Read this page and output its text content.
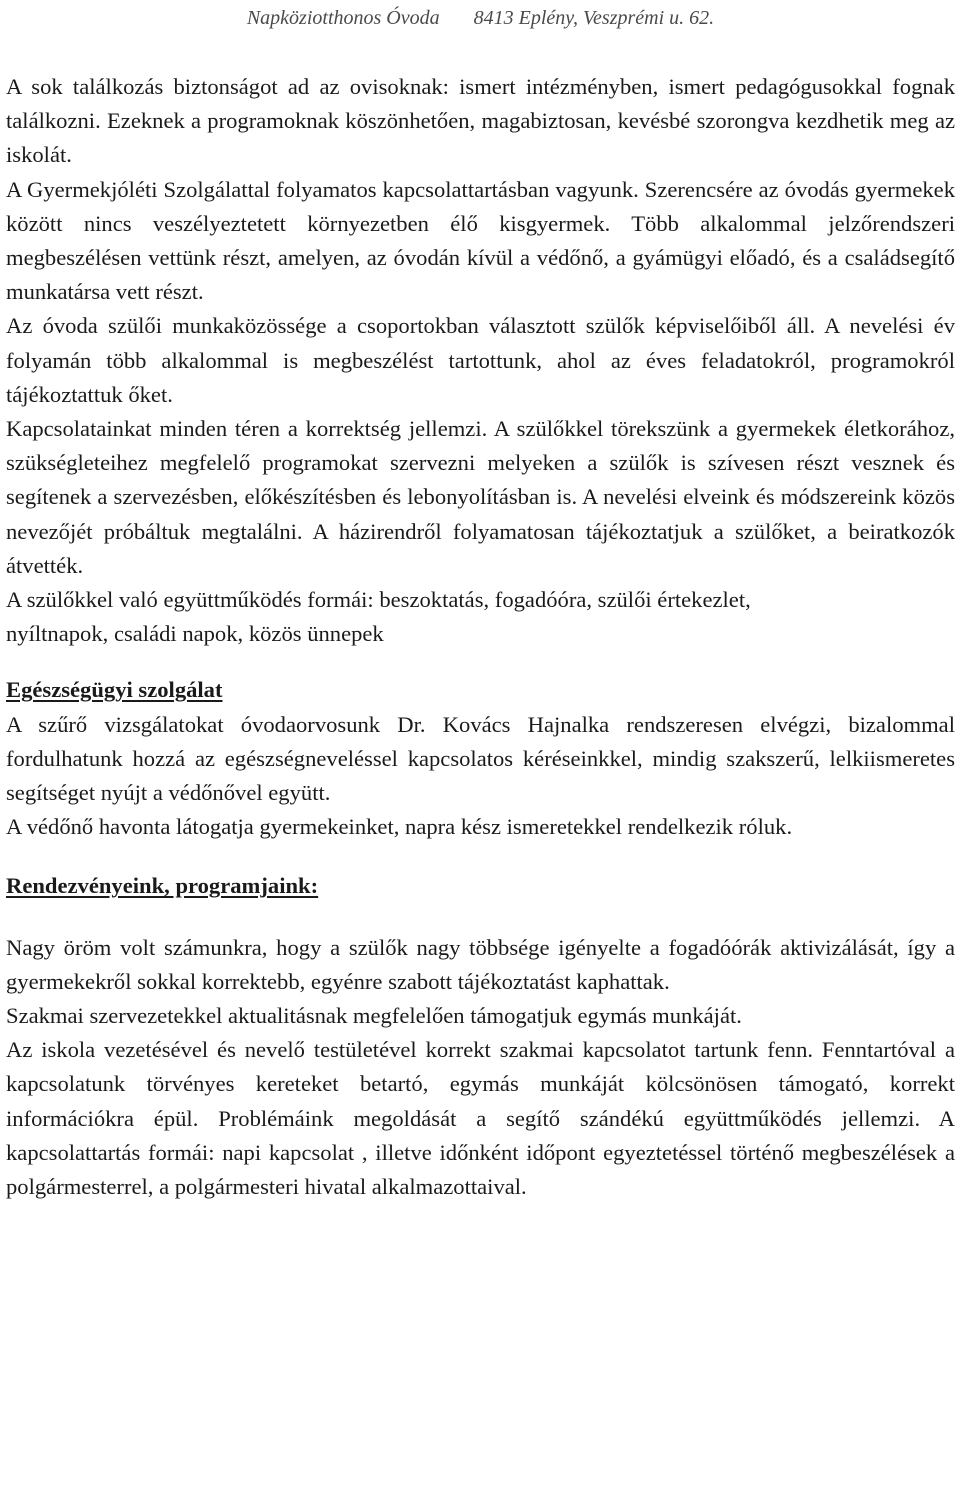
Napköziotthonos Óvoda 8413 Eplény, Veszprémi u. 62.

A sok találkozás biztonságot ad az ovisoknak: ismert intézményben, ismert pedagógusokkal fognak találkozni. Ezeknek a programoknak köszönhetően, magabiztosan, kevésbé szorongva kezdhetik meg az iskolát.

A Gyermekjóléti Szolgálattal folyamatos kapcsolattartásban vagyunk. Szerencsére az óvodás gyermekek között nincs veszélyeztetett környezetben élő kisgyermek. Több alkalommal jelzőrendszeri megbeszélésen vettünk részt, amelyen, az óvodán kívül a védőnő, a gyámügyi előadó, és a családsegítő munkatársa vett részt.

Az óvoda szülői munkaközössége a csoportokban választott szülők képviselőiből áll. A nevelési év folyamán több alkalommal is megbeszélést tartottunk, ahol az éves feladatokról, programokról tájékoztattuk őket.

Kapcsolatainkat minden téren a korrektség jellemzi. A szülőkkel törekszünk a gyermekek életkorához, szükségleteihez megfelelő programokat szervezni melyeken a szülők is szívesen részt vesznek és segítenek a szervezésben, előkészítésben és lebonyolításban is. A nevelési elveink és módszereink közös nevezőjét próbáltuk megtalálni. A házirendről folyamatosan tájékoztatjuk a szülőket, a beiratkozók átvették.

A szülőkkel való együttműködés formái: beszoktatás, fogadóóra, szülői értekezlet,

nyíltnapok, családi napok, közös ünnepek

Egészségügyi szolgálat

A szűrő vizsgálatokat óvodaorvosunk Dr. Kovács Hajnalka rendszeresen elvégzi, bizalommal fordulhatunk hozzá az egészségneveléssel kapcsolatos kéréseinkkel, mindig szakszerű, lelkiismeretes segítséget nyújt a védőnővel együtt.

A védőnő havonta látogatja gyermekeinket, napra kész ismeretekkel rendelkezik róluk.

Rendezvényeink, programjaink:

Nagy öröm volt számunkra, hogy a szülők nagy többsége igényelte a fogadóórák aktivizálását, így a gyermekekről sokkal korrektebb, egyénre szabott tájékoztatást kaphattak.

Szakmai szervezetekkel aktualitásnak megfelelően támogatjuk egymás munkáját.

Az iskola vezetésével és nevelő testületével korrekt szakmai kapcsolatot tartunk fenn. Fenntartóval a kapcsolatunk törvényes kereteket betartó, egymás munkáját kölcsönösen támogató, korrekt információkra épül. Problémáink megoldását a segítő szándékú együttműködés jellemzi. A kapcsolattartás formái: napi kapcsolat , illetve időnként időpont egyeztetéssel történő megbeszélések a polgármesterrel, a polgármesteri hivatal alkalmazottaival.
